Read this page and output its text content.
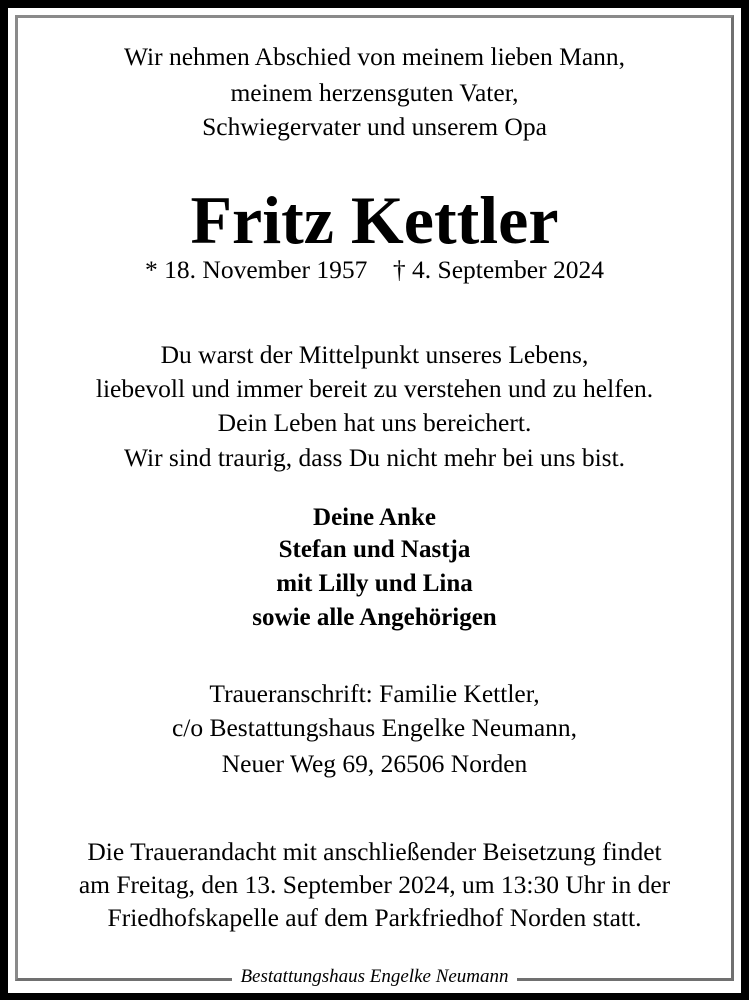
Wir nehmen Abschied von meinem lieben Mann,
meinem herzensguten Vater,
Schwiegervater und unserem Opa
Fritz Kettler
* 18. November 1957    † 4. September 2024
Du warst der Mittelpunkt unseres Lebens,
liebevoll und immer bereit zu verstehen und zu helfen.
Dein Leben hat uns bereichert.
Wir sind traurig, dass Du nicht mehr bei uns bist.
Deine Anke
Stefan und Nastja
mit Lilly und Lina
sowie alle Angehörigen
Traueranschrift: Familie Kettler,
c/o Bestattungshaus Engelke Neumann,
Neuer Weg 69, 26506 Norden
Die Trauerandacht mit anschließender Beisetzung findet
am Freitag, den 13. September 2024, um 13:30 Uhr in der
Friedhofskapelle auf dem Parkfriedhof Norden statt.
Bestattungshaus Engelke Neumann
